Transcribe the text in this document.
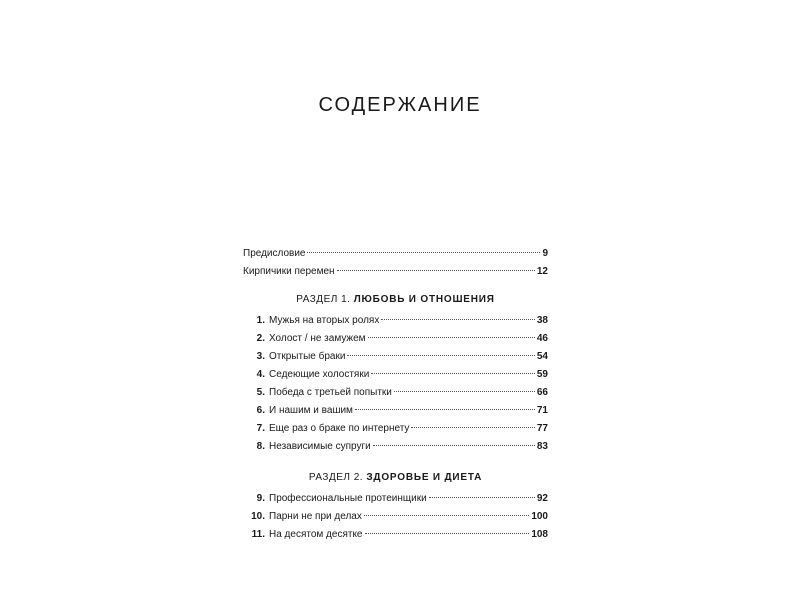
СОДЕРЖАНИЕ
Предисловие	9
Кирпичики перемен	12
РАЗДЕЛ 1. ЛЮБОВЬ И ОТНОШЕНИЯ
1. Мужья на вторых ролях	38
2. Холост / не замужем	46
3. Открытые браки	54
4. Седеющие холостяки	59
5. Победа с третьей попытки	66
6. И нашим и вашим	71
7. Еще раз о браке по интернету	77
8. Независимые супруги	83
РАЗДЕЛ 2. ЗДОРОВЬЕ И ДИЕТА
9. Профессиональные протеинщики	92
10. Парни не при делах	100
11. На десятом десятке	108
